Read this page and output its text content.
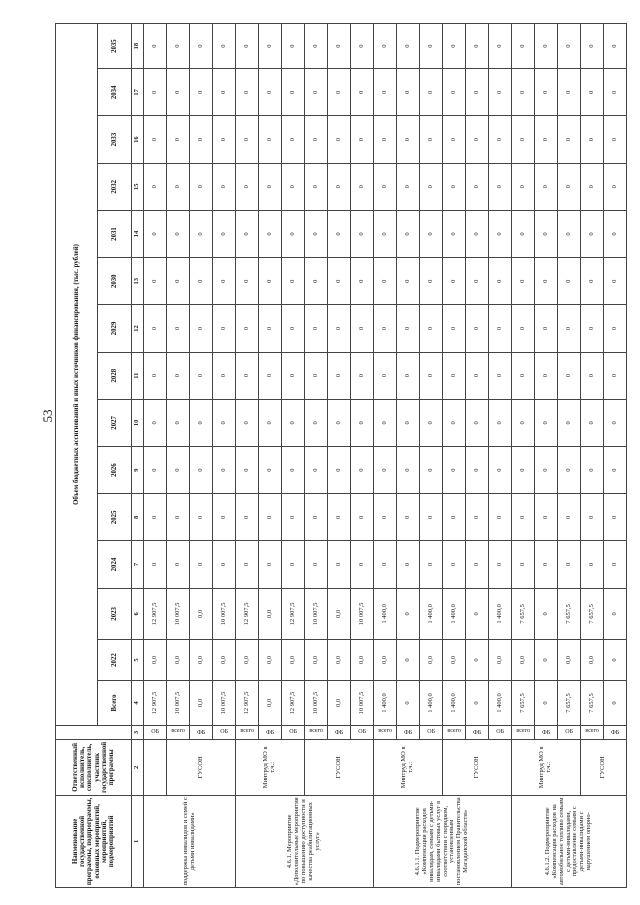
53
Наименование государственной программы, подпрограммы, основных мероприятий, мероприятий, подмероприятий	Ответственный исполнитель, соисполнитель, участник государственной программы		Объем бюджетных ассигнований и иных источников финансирования, (тыс. рублей)														
			Всего	2022	2023	2024	2025	2026	2027	2028	2029	2030	2031	2032	2033	2034	2035
1	2	3	4	5	6	7	8	9	10	11	12	13	14	15	16	17	18
поддержка инвалидов и семей с детьми инвалидами»		ОБ	12 907,5	0,0	12 907,5	0	0	0	0	0	0	0	0	0	0	0	0
	ГУСОН	всего	10 007,5	0,0	10 007,5	0	0	0	0	0	0	0	0	0	0	0	0
		ФБ	0,0	0,0	0,0	0	0	0	0	0	0	0	0	0	0	0	0
		ОБ	10 007,5	0,0	10 007,5	0	0	0	0	0	0	0	0	0	0	0	0
4.6.1. Мероприятие «Дополнительные мероприятия по повышению доступности и качества реабилитационных услуг»	Минтруд МО в т.ч.:	всего	12 907,5	0,0	12 907,5	0	0	0	0	0	0	0	0	0	0	0	0
		ФБ	0,0	0,0	0,0	0	0	0	0	0	0	0	0	0	0	0	0
		ОБ	12 907,5	0,0	12 907,5	0	0	0	0	0	0	0	0	0	0	0	0
	ГУСОН	всего	10 007,5	0,0	10 007,5	0	0	0	0	0	0	0	0	0	0	0	0
		ФБ	0,0	0,0	0,0	0	0	0	0	0	0	0	0	0	0	0	0
		ОБ	10 007,5	0,0	10 007,5	0	0	0	0	0	0	0	0	0	0	0	0
4.6.1.1. Подмероприятие «Компенсация расходов инвалидам, семьям с детьми-инвалидами бытовых услуг в соответствии с порядком, установленным постановлением Правительства Магаданской области»	Минтруд МО в т.ч.:	всего	1 400,0	0,0	1 400,0	0	0	0	0	0	0	0	0	0	0	0	0
		ФБ	0	0	0	0	0	0	0	0	0	0	0	0	0	0	0
		ОБ	1 400,0	0,0	1 400,0	0	0	0	0	0	0	0	0	0	0	0	0
	ГУСОН	всего	1 400,0	0,0	1 400,0	0	0	0	0	0	0	0	0	0	0	0	0
		ФБ	0	0	0	0	0	0	0	0	0	0	0	0	0	0	0
		ОБ	1 400,0	0,0	1 400,0	0	0	0	0	0	0	0	0	0	0	0	0
4.6.1.2. Подмероприятие «Компенсация расходов на автомобильное топливо семьям с детьми-инвалидами, предоставление семьям с детьми-инвалидами с нарушением опорно-	Минтруд МО в т.ч.:	всего	7 657,5	0,0	7 657,5	0	0	0	0	0	0	0	0	0	0	0	0
		ФБ	0	0	0	0	0	0	0	0	0	0	0	0	0	0	0
		ОБ	7 657,5	0,0	7 657,5	0	0	0	0	0	0	0	0	0	0	0	0
	ГУСОН	всего	7 657,5	0,0	7 657,5	0	0	0	0	0	0	0	0	0	0	0	0
		ФБ	0	0	0	0	0	0	0	0	0	0	0	0	0	0	0
